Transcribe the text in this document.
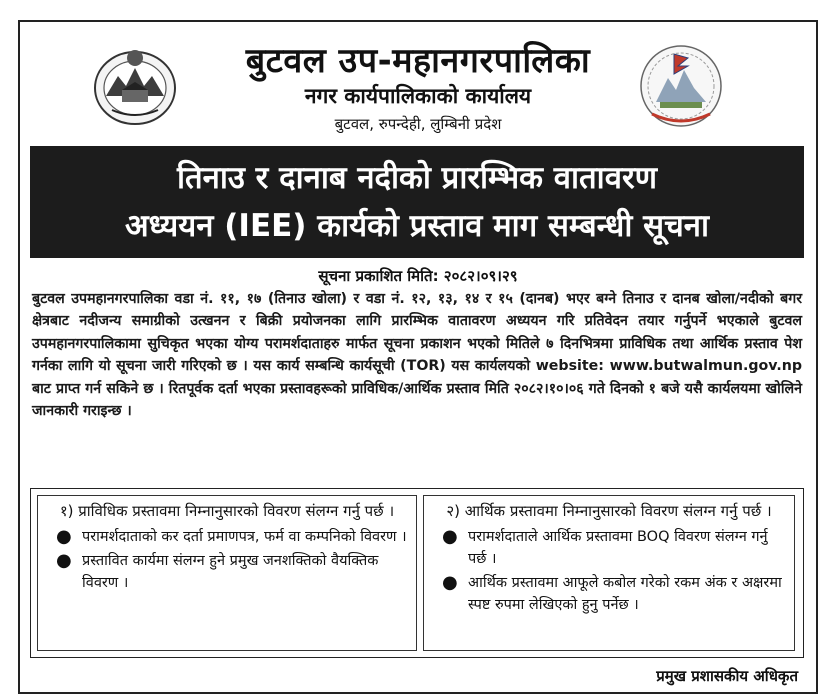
बुटवल उप-महानगरपालिका
नगर कार्यपालिकाको कार्यालय
बुटवल, रुपन्देही, लुम्बिनी प्रदेश
तिनाउ र दानाब नदीको प्रारम्भिक वातावरण
अध्ययन (IEE) कार्यको प्रस्ताव माग सम्बन्धी सूचना
सूचना प्रकाशित मिति: २०८२।०९।२९
बुटवल उपमहानगरपालिका वडा नं. ११, १७ (तिनाउ खोला) र वडा नं. १२, १३, १४ र १५ (दानब) भएर बग्ने तिनाउ र दानब खोला/नदीको बगर क्षेत्रबाट नदीजन्य समाग्रीको उत्खनन र बिक्री प्रयोजनका लागि प्रारम्भिक वातावरण अध्ययन गरि प्रतिवेदन तयार गर्नुपर्ने भएकाले बुटवल उपमहानगरपालिकामा सुचिकृत भएका योग्य परामर्शदाताहरु मार्फत सूचना प्रकाशन भएको मितिले ७ दिनभित्रमा प्राविधिक तथा आर्थिक प्रस्ताव पेश गर्नका लागि यो सूचना जारी गरिएको छ । यस कार्य सम्बन्धि कार्यसूची (TOR) यस कार्यलयको website: www.butwalmun.gov.np बाट प्राप्त गर्न सकिने छ । रितपूर्वक दर्ता भएका प्रस्तावहरूको प्राविधिक/आर्थिक प्रस्ताव मिति २०८२।१०।०६ गते दिनको १ बजे यसै कार्यलयमा खोलिने जानकारी गराइन्छ ।
१) प्राविधिक प्रस्तावमा निम्नानुसारको विवरण संलग्न गर्नु पर्छ ।
● परामर्शदाताको कर दर्ता प्रमाणपत्र, फर्म वा कम्पनिको विवरण ।
● प्रस्तावित कार्यमा संलग्न हुने प्रमुख जनशक्तिको वैयक्तिक विवरण ।
२) आर्थिक प्रस्तावमा निम्नानुसारको विवरण संलग्न गर्नु पर्छ ।
● परामर्शदाताले आर्थिक प्रस्तावमा BOQ विवरण संलग्न गर्नु पर्छ ।
● आर्थिक प्रस्तावमा आफूले कबोल गरेको रकम अंक र अक्षरमा स्पष्ट रुपमा लेखिएको हुनु पर्नेछ ।
प्रमुख प्रशासकीय अधिकृत
